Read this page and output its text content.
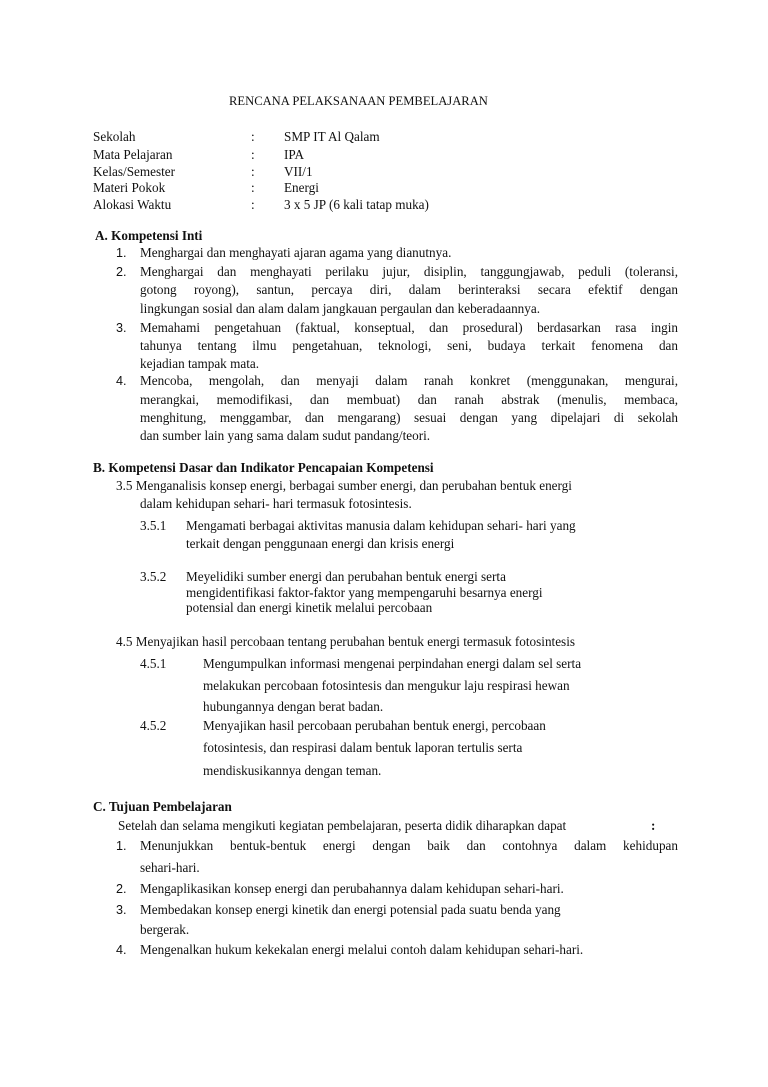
RENCANA PELAKSANAAN PEMBELAJARAN
Sekolah	: SMP IT Al Qalam
Mata Pelajaran	: IPA
Kelas/Semester	: VII/1
Materi Pokok	: Energi
Alokasi Waktu	: 3 x 5 JP (6 kali tatap muka)
A. Kompetensi Inti
1. Menghargai dan menghayati ajaran agama yang dianutnya.
2. Menghargai dan menghayati perilaku jujur, disiplin, tanggungjawab, peduli (toleransi,
gotong royong), santun, percaya diri, dalam berinteraksi secara efektif dengan
lingkungan sosial dan alam dalam jangkauan pergaulan dan keberadaannya.
3. Memahami pengetahuan (faktual, konseptual, dan prosedural) berdasarkan rasa ingin
tahunya tentang ilmu pengetahuan, teknologi, seni, budaya terkait fenomena dan
kejadian tampak mata.
4. Mencoba, mengolah, dan menyaji dalam ranah konkret (menggunakan, mengurai,
merangkai, memodifikasi, dan membuat) dan ranah abstrak (menulis, membaca,
menghitung, menggambar, dan mengarang) sesuai dengan yang dipelajari di sekolah
dan sumber lain yang sama dalam sudut pandang/teori.
B. Kompetensi Dasar dan Indikator Pencapaian Kompetensi
3.5 Menganalisis konsep energi, berbagai sumber energi, dan perubahan bentuk energi
dalam kehidupan sehari- hari termasuk fotosintesis.
3.5.1 Mengamati berbagai aktivitas manusia dalam kehidupan sehari- hari yang
terkait dengan penggunaan energi dan krisis energi
3.5.2 Meyelidiki sumber energi dan perubahan bentuk energi serta
mengidentifikasi faktor-faktor yang mempengaruhi besarnya energi
potensial dan energi kinetik melalui percobaan
4.5 Menyajikan hasil percobaan tentang perubahan bentuk energi termasuk fotosintesis
4.5.1	Mengumpulkan informasi mengenai perpindahan energi dalam sel serta
melakukan percobaan fotosintesis dan mengukur laju respirasi hewan
hubungannya dengan berat badan.
4.5.2	Menyajikan hasil percobaan perubahan bentuk energi, percobaan
fotosintesis, dan respirasi dalam bentuk laporan tertulis serta
mendiskusikannya dengan teman.
C. Tujuan Pembelajaran
Setelah dan selama mengikuti kegiatan pembelajaran, peserta didik diharapkan dapat	:
1. Menunjukkan bentuk-bentuk energi dengan baik dan contohnya dalam kehidupan
sehari-hari.
2. Mengaplikasikan konsep energi dan perubahannya dalam kehidupan sehari-hari.
3. Membedakan konsep energi kinetik dan energi potensial pada suatu benda yang
bergerak.
4. Mengenalkan hukum kekekalan energi melalui contoh dalam kehidupan sehari-hari.
